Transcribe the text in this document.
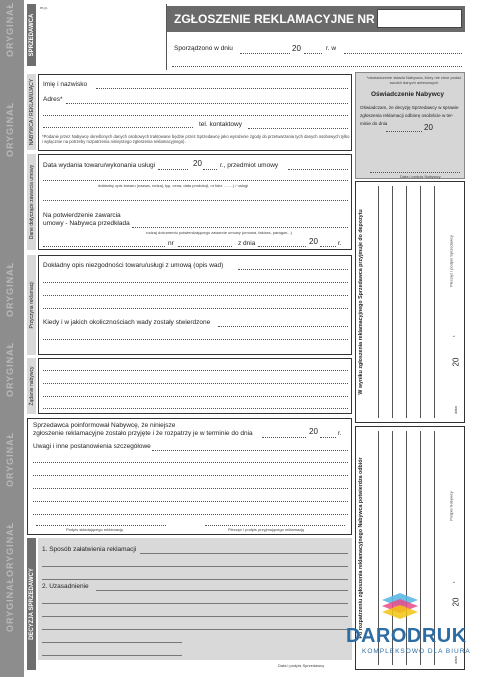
SPRZEDAWCA
m.p.
ZGŁOSZENIE REKLAMACYJNE NR
Sporządzono w dniu	20	r. w
NABYWCA / REKLAMUJĄCY Imię i nazwisko
Adres*
tel. kontaktowy
*Podanie przez Nabywcę określonych danych osobowych traktowane będzie przez Sprzedawcę jako wyrażenie zgody do przetwarzania tych danych osobowych tylko i wyłącznie na potrzeby rozpatrzenia niniejszego zgłoszenia reklamacyjnego).
*oświadczenie składa Nabywca, który nie chce podać swoich danych adresowych
Oświadczenie Nabywcy
Oświadczam, że decyzję Sprzedawcy w sprawie zgłoszenia reklamacji odbiorę osobiście w ter- minie do dnia	20
Data i podpis Nabywcy
Dane dotyczące zawarcia umowy Data wydania towaru/wykonania usługi	20	r., przedmiot umowy
dokładny opis towaru (nazwa, rodzaj, typ, cena, data produkcji, nr fabr. ........) / usługi
Na potwierdzenie zawarcia
umowy - Nabywca przedkłada
rodzaj dokumentu potwierdzającego zawarcie umowy (umowa, faktura, paragon...)
nr	z dnia	20	r.
Przyczyna reklamacji
Dokładny opis niezgodności towaru/usługi z umową (opis wad)
Kiedy i w jakich okolicznościach wady zostały stwierdzone
Żądanie nabywcy
Sprzedawca poinformował Nabywcę, że niniejsze
zgłoszenie reklamacyjne zostało przyjęte i że rozpatrzy je w terminie do dnia	20	r.
Uwagi i inne postanowienia szczegółowe
Podpis składającego reklamację	Pieczęć i podpis przyjmującego reklamację
DECYZJA SPRZEDAWCY
1. Sposób załatwienia reklamacji
2. Uzasadnienie
Data i podpis Sprzedawcy
W wyniku zgłoszenia reklamacyjnego Sprzedawca przyjmuje do depozytu	Pieczęć i podpis Sprzedawcy
data
20
r.
Po rozpatrzeniu zgłoszenia reklamacyjnego Nabywca potwierdza odbiór	Podpis Nabywcy
data
20
r.
DARODRUK
KOMPLEKSOWO DLA BIURA
